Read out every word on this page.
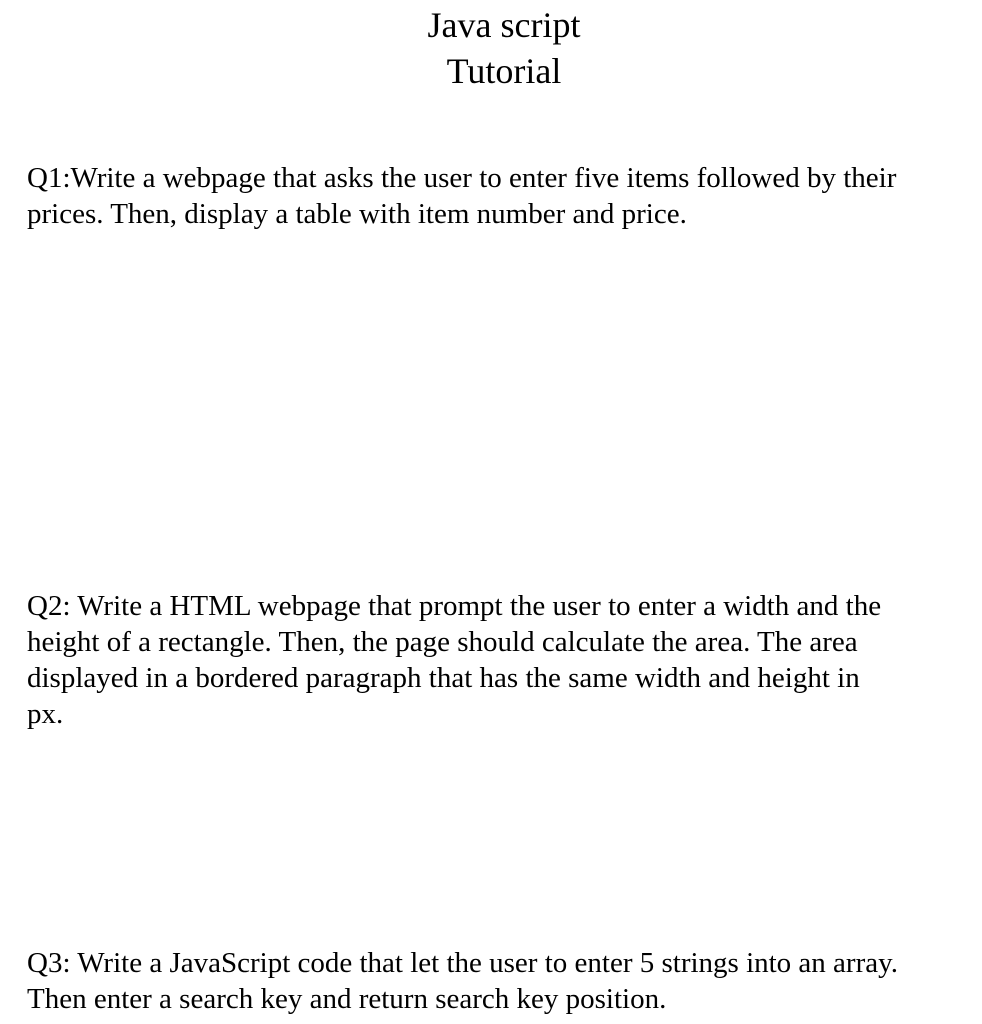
Java script
Tutorial

Q1:Write a webpage that asks the user to enter five items followed by their
prices. Then, display a table with item number and price.

Q2: Write a HTML webpage that prompt the user to enter a width and the
height of a rectangle. Then, the page should calculate the area. The area
displayed in a bordered paragraph that has the same width and height in
px.

Q3: Write a JavaScript code that let the user to enter 5 strings into an array.
Then enter a search key and return search key position.
